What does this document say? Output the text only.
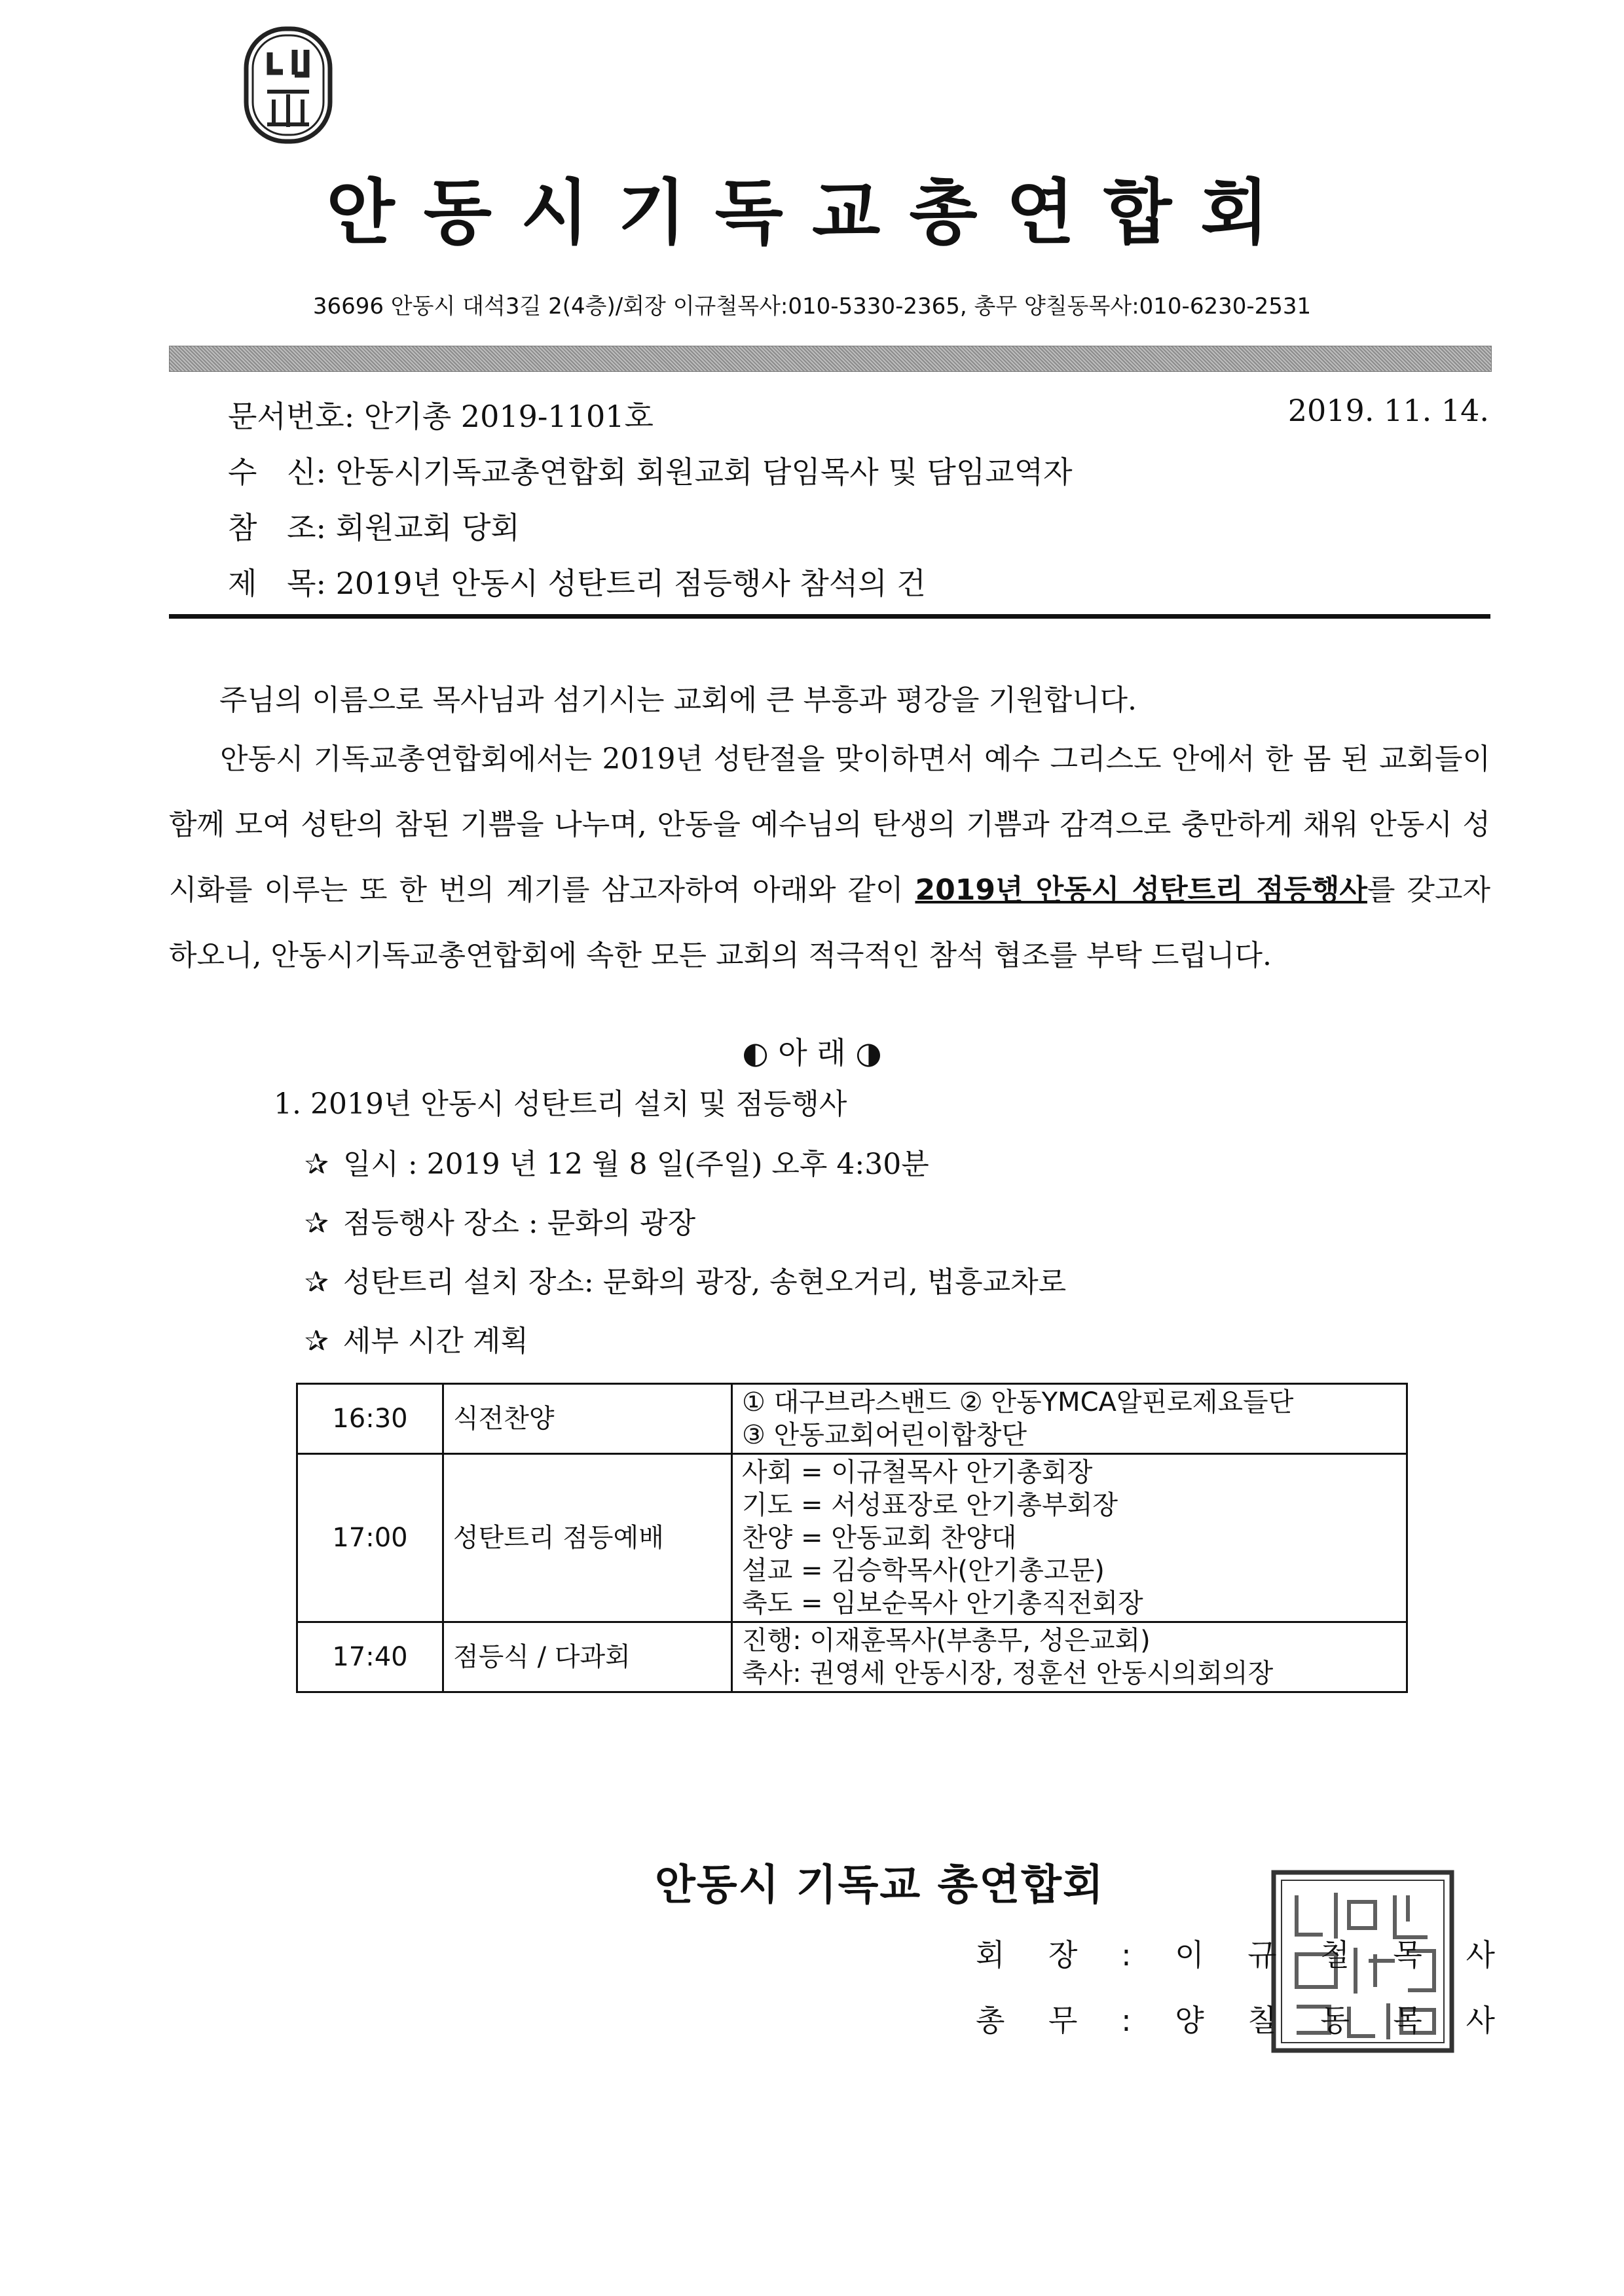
안동시기독교총연합회
36696 안동시 대석3길 2(4층)/회장 이규철목사:010-5330-2365, 총무 양칠동목사:010-6230-2531
문서번호: 안기총 2019-1101호	2019. 11. 14.
수 신: 안동시기독교총연합회 회원교회 담임목사 및 담임교역자
참 조: 회원교회 당회
제 목: 2019년 안동시 성탄트리 점등행사 참석의 건
주님의 이름으로 목사님과 섬기시는 교회에 큰 부흥과 평강을 기원합니다.
안동시 기독교총연합회에서는 2019년 성탄절을 맞이하면서 예수 그리스도 안에서 한 몸 된 교회들이 함께 모여 성탄의 참된 기쁨을 나누며, 안동을 예수님의 탄생의 기쁨과 감격으로 충만하게 채워 안동시 성시화를 이루는 또 한 번의 계기를 삼고자하여 아래와 같이 2019년 안동시 성탄트리 점등행사를 갖고자 하오니, 안동시기독교총연합회에 속한 모든 교회의 적극적인 참석 협조를 부탁 드립니다.
◐ 아 래 ◑
1. 2019년 안동시 성탄트리 설치 및 점등행사
✰ 일시 : 2019 년 12 월 8 일(주일) 오후 4:30분
✰ 점등행사 장소 : 문화의 광장
✰ 성탄트리 설치 장소: 문화의 광장, 송현오거리, 법흥교차로
✰ 세부 시간 계획
16:30	식전찬양	① 대구브라스밴드 ② 안동YMCA알핀로제요들단
③ 안동교회어린이합창단

17:00	성탄트리 점등예배	사회 = 이규철목사 안기총회장
기도 = 서성표장로 안기총부회장
찬양 = 안동교회 찬양대
설교 = 김승학목사(안기총고문)
축도 = 임보순목사 안기총직전회장

17:40	점등식 / 다과회	진행: 이재훈목사(부총무, 성은교회)
축사: 권영세 안동시장, 정훈선 안동시의회의장
안동시 기독교 총연합회
회 장 : 이 규 철 목 사
총 무 : 양 칠 동 목 사
